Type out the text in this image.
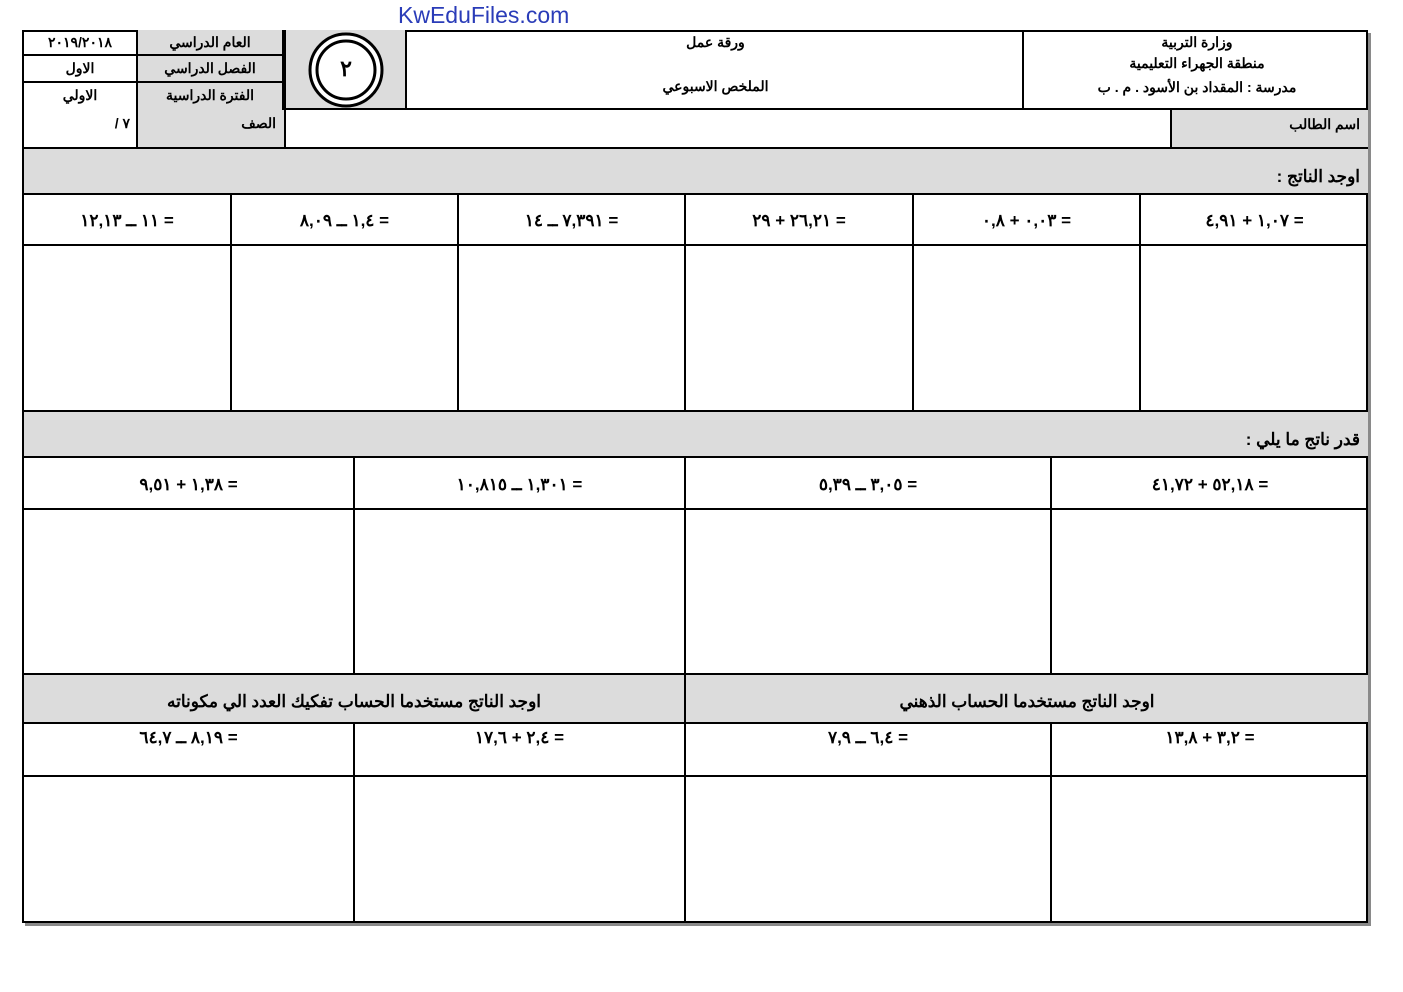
KwEduFiles.com
وزارة التربية
منطقة الجهراء التعليمية
مدرسة : المقداد بن الأسود . م . ب
ورقة عمل
الملخص الاسبوعي
٢
٢٠١٩/٢٠١٨	العام الدراسي
الاول	الفصل الدراسي
الاولي	الفترة الدراسية
اسم الطالب
الصف
/ ٧
اوجد الناتج :
= ١,٠٧ + ٤,٩١
= ٠,٠٣ + ٠,٨
= ٢٦,٢١ + ٢٩
= ٧,٣٩١ ــ ١٤
= ١,٤ ــ ٨,٠٩
= ١١ ــ ١٢,١٣
قدر ناتج ما يلي :
= ٥٢,١٨ + ٤١,٧٢
= ٣,٠٥ ــ ٥,٣٩
= ١,٣٠١ ــ ١٠,٨١٥
= ١,٣٨ + ٩,٥١
اوجد الناتج مستخدما الحساب الذهني
اوجد الناتج مستخدما الحساب تفكيك العدد الي مكوناته
= ٣,٢ + ١٣,٨
= ٦,٤ ــ ٧,٩
= ٢,٤ + ١٧,٦
= ٨,١٩ ــ ٦٤,٧
